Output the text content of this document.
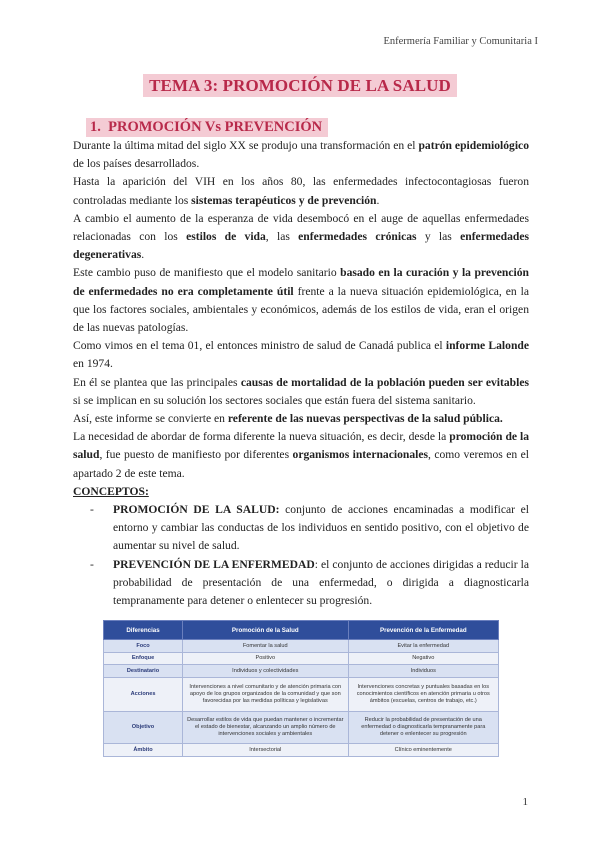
Enfermería Familiar y Comunitaria I
TEMA 3: PROMOCIÓN DE LA SALUD
1. PROMOCIÓN Vs PREVENCIÓN

Durante la última mitad del siglo XX se produjo una transformación en el patrón epidemiológico de los países desarrollados.

Hasta la aparición del VIH en los años 80, las enfermedades infectocontagiosas fueron controladas mediante los sistemas terapéuticos y de prevención.

A cambio el aumento de la esperanza de vida desembocó en el auge de aquellas enfermedades relacionadas con los estilos de vida, las enfermedades crónicas y las enfermedades degenerativas.

Este cambio puso de manifiesto que el modelo sanitario basado en la curación y la prevención de enfermedades no era completamente útil frente a la nueva situación epidemiológica, en la que los factores sociales, ambientales y económicos, además de los estilos de vida, eran el origen de las nuevas patologías.

Como vimos en el tema 01, el entonces ministro de salud de Canadá publica el informe Lalonde en 1974.

En él se plantea que las principales causas de mortalidad de la población pueden ser evitables si se implican en su solución los sectores sociales que están fuera del sistema sanitario.

Así, este informe se convierte en referente de las nuevas perspectivas de la salud pública.

La necesidad de abordar de forma diferente la nueva situación, es decir, desde la promoción de la salud, fue puesto de manifiesto por diferentes organismos internacionales, como veremos en el apartado 2 de este tema.

CONCEPTOS:
- PROMOCIÓN DE LA SALUD: conjunto de acciones encaminadas a modificar el entorno y cambiar las conductas de los individuos en sentido positivo, con el objetivo de aumentar su nivel de salud.
- PREVENCIÓN DE LA ENFERMEDAD: el conjunto de acciones dirigidas a reducir la probabilidad de presentación de una enfermedad, o dirigida a diagnosticarla tempranamente para detener o enlentecer su progresión.
Diferencias	Promoción de la Salud	Prevención de la Enfermedad
Foco	Fomentar la salud	Evitar la enfermedad
Enfoque	Positivo	Negativo
Destinatario	Individuos y colectividades	Individuos
Acciones	Intervenciones a nivel comunitario y de atención primaria con apoyo de los grupos organizados de la comunidad y que son favorecidas por las medidas políticas y legislativas	Intervenciones concretas y puntuales basadas en los conocimientos científicos en atención primaria u otros ámbitos (escuelas, centros de trabajo, etc.)
Objetivo	Desarrollar estilos de vida que puedan mantener o incrementar el estado de bienestar, alcanzando un amplio número de intervenciones sociales y ambientales	Reducir la probabilidad de presentación de una enfermedad o diagnosticarla tempranamente para detener o enlentecer su progresión
Ámbito	Intersectorial	Clínico eminentemente
1
